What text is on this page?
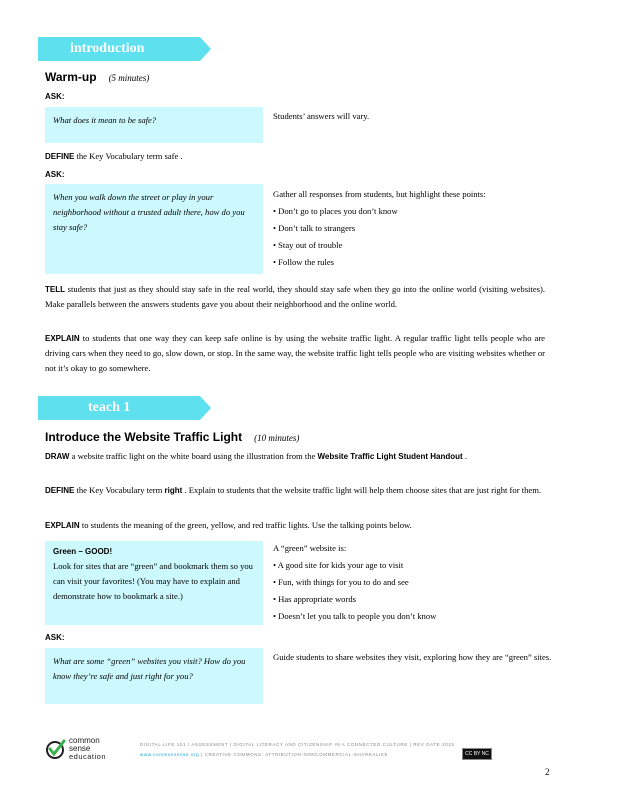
introduction
Warm-up (5 minutes)
ASK:
What does it mean to be safe?	Students’ answers will vary.
DEFINE the Key Vocabulary term safe .
ASK:
When you walk down the street or play in your neighborhood without a trusted adult there, how do you stay safe?
Gather all responses from students, but highlight these points:
• Don’t go to places you don’t know
• Don’t talk to strangers
• Stay out of trouble
• Follow the rules
TELL students that just as they should stay safe in the real world, they should stay safe when they go into the online world (visiting websites). Make parallels between the answers students gave you about their neighborhood and the online world.
EXPLAIN to students that one way they can keep safe online is by using the website traffic light. A regular traffic light tells people who are driving cars when they need to go, slow down, or stop. In the same way, the website traffic light tells people who are visiting websites whether or not it’s okay to go somewhere.
teach 1
Introduce the Website Traffic Light (10 minutes)
DRAW a website traffic light on the white board using the illustration from the Website Traffic Light Student Handout .
DEFINE the Key Vocabulary term right . Explain to students that the website traffic light will help them choose sites that are just right for them.
EXPLAIN to students the meaning of the green, yellow, and red traffic lights. Use the talking points below.
Green – GOOD!
Look for sites that are “green” and bookmark them so you can visit your favorites! (You may have to explain and demonstrate how to bookmark a site.)
A “green” website is:
• A good site for kids your age to visit
• Fun, with things for you to do and see
• Has appropriate words
• Doesn’t let you talk to people you don’t know
ASK:
What are some “green” websites you visit? How do you know they’re safe and just right for you?
Guide students to share websites they visit, exploring how they are “green” sites.
common
sense
education
DIGITAL LIFE 101 / ASSESSMENT | DIGITAL LITERACY AND CITIZENSHIP IN A CONNECTED CULTURE | REV DATE 2015
www.commonsense.org | CREATIVE COMMONS: ATTRIBUTION-NONCOMMERCIAL-SHAREALIKE	CC BY NC SA
2
